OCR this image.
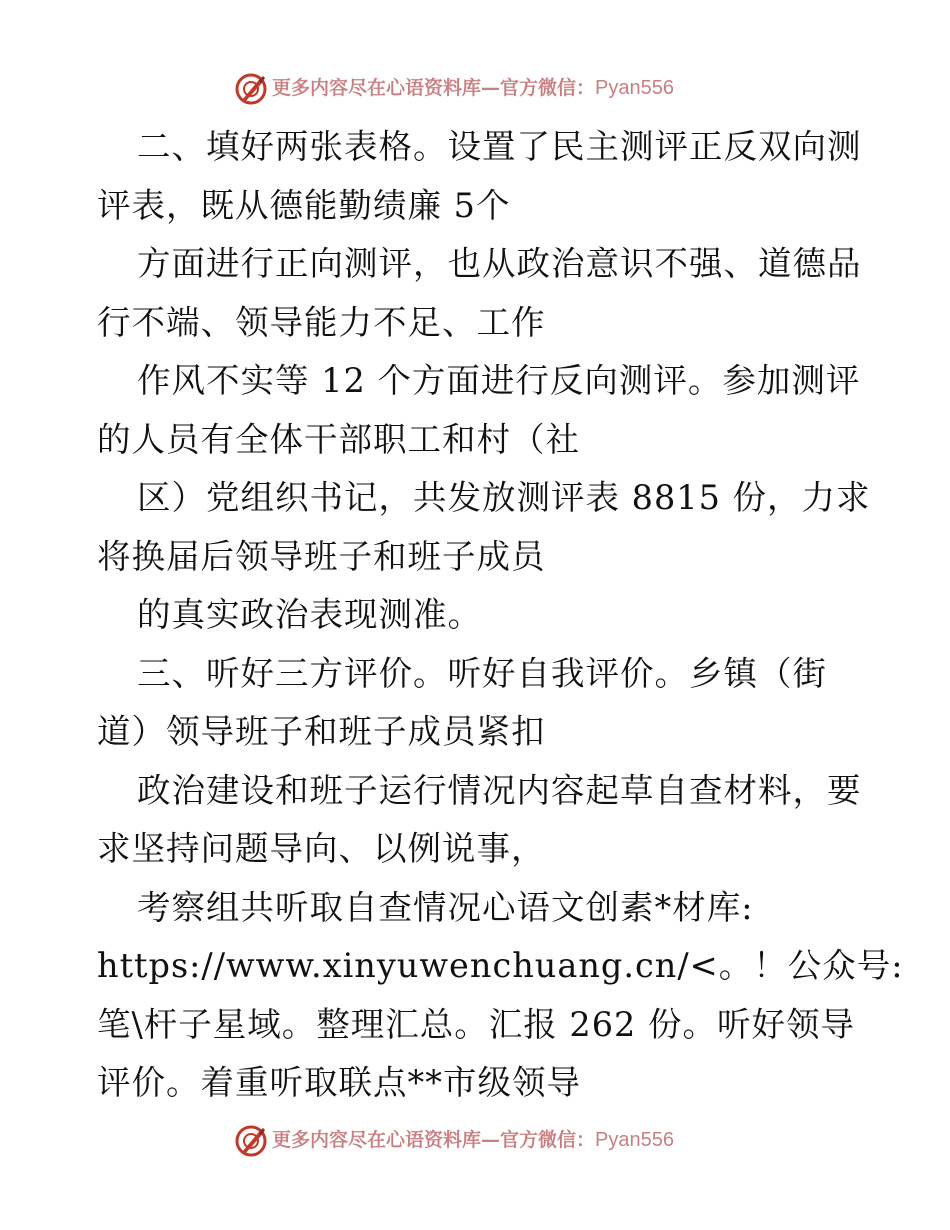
更多内容尽在心语资料库—官方微信：Pyan556
二、填好两张表格。设置了民主测评正反双向测
评表，既从德能勤绩廉 5个
方面进行正向测评，也从政治意识不强、道德品
行不端、领导能力不足、工作
作风不实等 12 个方面进行反向测评。参加测评
的人员有全体干部职工和村（社
区）党组织书记，共发放测评表 8815 份，力求
将换届后领导班子和班子成员
的真实政治表现测准。
三、听好三方评价。听好自我评价。乡镇（街
道）领导班子和班子成员紧扣
政治建设和班子运行情况内容起草自查材料，要
求坚持问题导向、以例说事，
考察组共听取自查情况心语文创素*材库:
https://www.xinyuwenchuang.cn/<。！公众号:
笔\杆子星域。整理汇总。汇报 262 份。听好领导
评价。着重听取联点**市级领导
更多内容尽在心语资料库—官方微信：Pyan556
